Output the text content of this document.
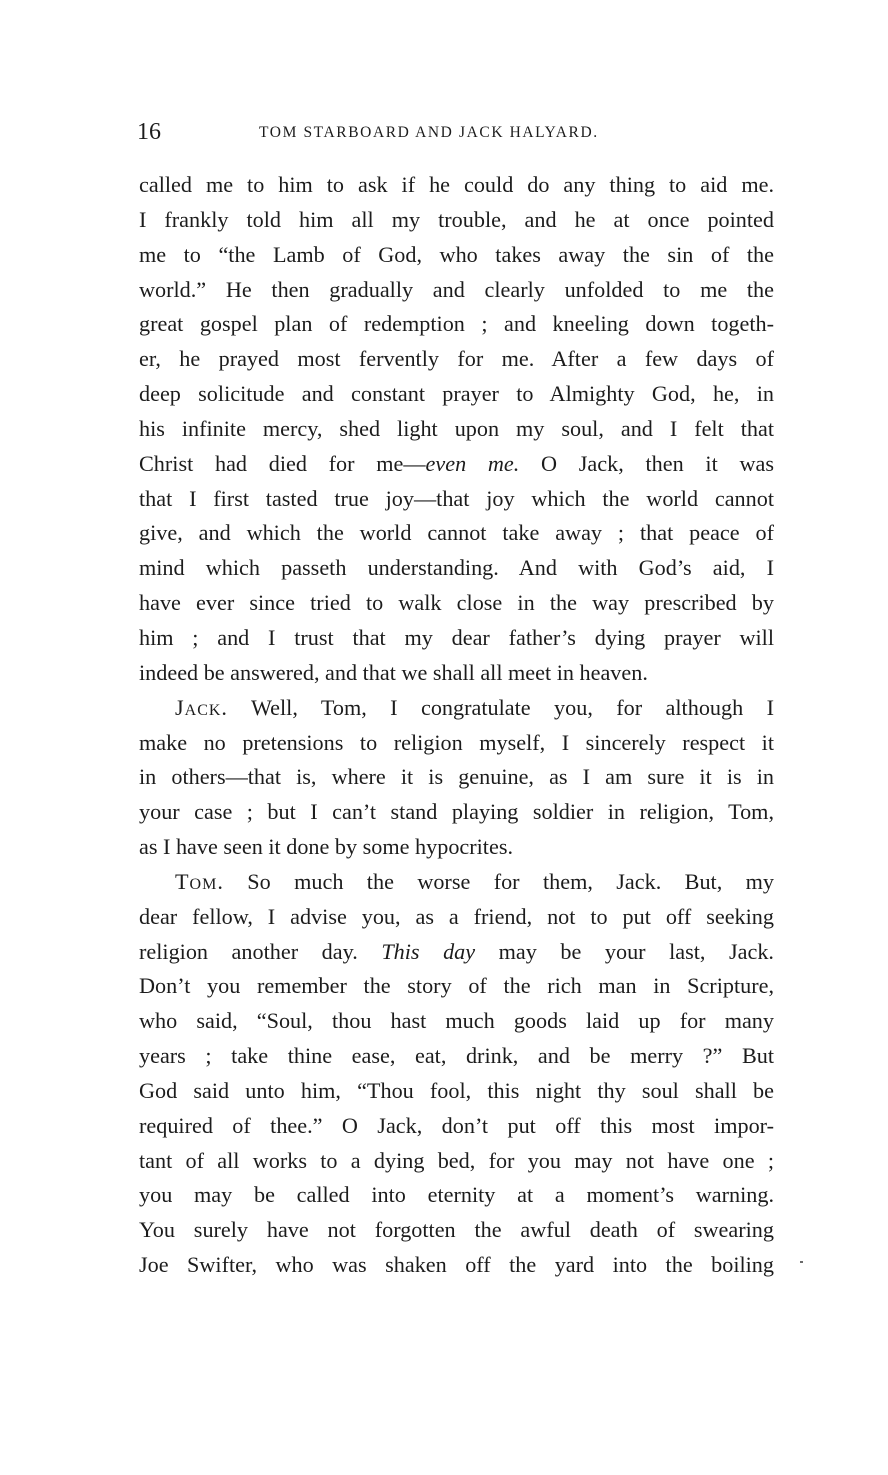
16	TOM STARBOARD AND JACK HALYARD.
called me to him to ask if he could do any thing to aid me.
I frankly told him all my trouble, and he at once pointed
me to “the Lamb of God, who takes away the sin of the
world.” He then gradually and clearly unfolded to me the
great gospel plan of redemption ; and kneeling down togeth-
er, he prayed most fervently for me. After a few days of
deep solicitude and constant prayer to Almighty God, he, in
his infinite mercy, shed light upon my soul, and I felt that
Christ had died for me—even me. O Jack, then it was
that I first tasted true joy—that joy which the world cannot
give, and which the world cannot take away ; that peace of
mind which passeth understanding. And with God’s aid, I
have ever since tried to walk close in the way prescribed by
him ; and I trust that my dear father’s dying prayer will
indeed be answered, and that we shall all meet in heaven.
Jack. Well, Tom, I congratulate you, for although I
make no pretensions to religion myself, I sincerely respect it
in others—that is, where it is genuine, as I am sure it is in
your case ; but I can’t stand playing soldier in religion, Tom,
as I have seen it done by some hypocrites.
Tom. So much the worse for them, Jack. But, my
dear fellow, I advise you, as a friend, not to put off seeking
religion another day. This day may be your last, Jack.
Don’t you remember the story of the rich man in Scripture,
who said, “Soul, thou hast much goods laid up for many
years ; take thine ease, eat, drink, and be merry ?” But
God said unto him, “Thou fool, this night thy soul shall be
required of thee.” O Jack, don’t put off this most impor-
tant of all works to a dying bed, for you may not have one ;
you may be called into eternity at a moment’s warning.
You surely have not forgotten the awful death of swearing
Joe Swifter, who was shaken off the yard into the boiling
